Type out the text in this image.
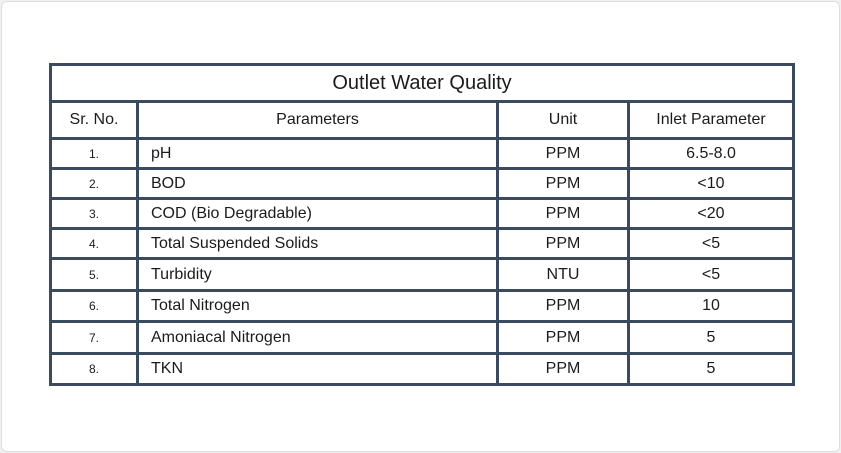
Outlet Water Quality			
Sr. No.	Parameters	Unit	Inlet Parameter
1.	pH	PPM	6.5-8.0
2.	BOD	PPM	<10
3.	COD (Bio Degradable)	PPM	<20
4.	Total Suspended Solids	PPM	<5
5.	Turbidity	NTU	<5
6.	Total Nitrogen	PPM	10
7.	Amoniacal Nitrogen	PPM	5
8.	TKN	PPM	5
